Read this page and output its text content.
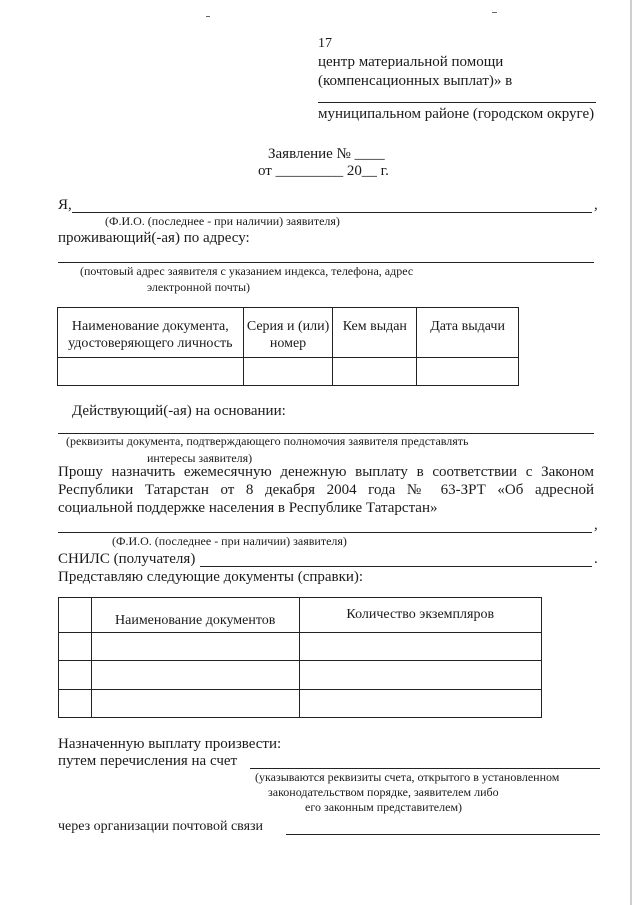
17
центр материальной помощи
(компенсационных выплат)» в
муниципальном районе (городском округе)
Заявление № ____
от _________ 20__ г.
Я,	,
(Ф.И.О. (последнее - при наличии) заявителя)
проживающий(-ая) по адресу:
(почтовый адрес заявителя с указанием индекса, телефона, адрес
электронной почты)
Наименование документа, удостоверяющего личность	Серия и (или) номер	Кем выдан	Дата выдачи

Действующий(-ая) на основании:
(реквизиты документа, подтверждающего полномочия заявителя представлять
интересы заявителя)
Прошу назначить ежемесячную денежную выплату в соответствии с Законом
Республики Татарстан от 8 декабря 2004 года № 63-ЗРТ «Об адресной
социальной поддержке населения в Республике Татарстан»
,
(Ф.И.О. (последнее - при наличии) заявителя)
СНИЛС (получателя)	.
Представляю следующие документы (справки):
	Наименование документов	Количество экземпляров

Назначенную выплату произвести:
путем перечисления на счет
(указываются реквизиты счета, открытого в установленном
законодательством порядке, заявителем либо
его законным представителем)
через организации почтовой связи
